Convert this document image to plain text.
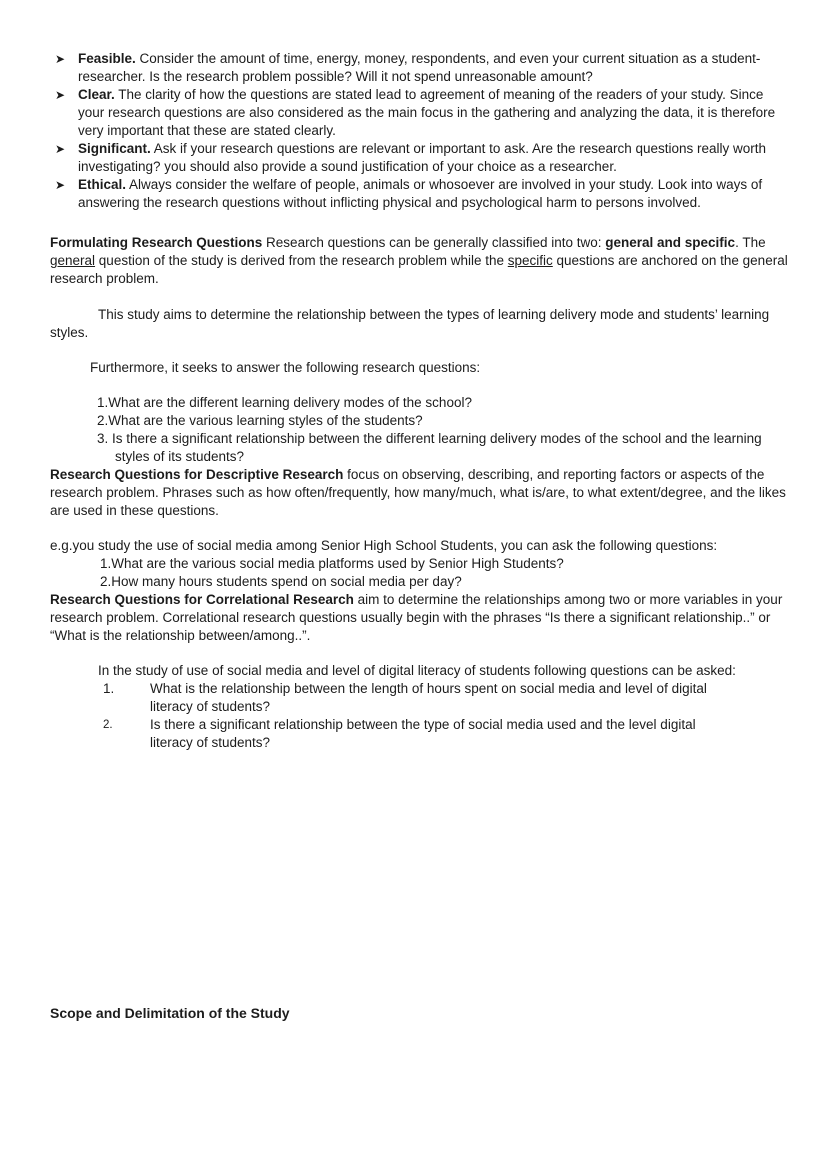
➤ Feasible. Consider the amount of time, energy, money, respondents, and even your current situation as a student-researcher. Is the research problem possible? Will it not spend unreasonable amount?
➤ Clear. The clarity of how the questions are stated lead to agreement of meaning of the readers of your study. Since your research questions are also considered as the main focus in the gathering and analyzing the data, it is therefore very important that these are stated clearly.
➤ Significant. Ask if your research questions are relevant or important to ask. Are the research questions really worth investigating? you should also provide a sound justification of your choice as a researcher.
➤ Ethical. Always consider the welfare of people, animals or whosoever are involved in your study. Look into ways of answering the research questions without inflicting physical and psychological harm to persons involved.

Formulating Research Questions Research questions can be generally classified into two: general and specific. The general question of the study is derived from the research problem while the specific questions are anchored on the general research problem.

This study aims to determine the relationship between the types of learning delivery mode and students’ learning styles.

Furthermore, it seeks to answer the following research questions:

1.What are the different learning delivery modes of the school?
2.What are the various learning styles of the students?
3. Is there a significant relationship between the different learning delivery modes of the school and the learning styles of its students?

Research Questions for Descriptive Research focus on observing, describing, and reporting factors or aspects of the research problem. Phrases such as how often/frequently, how many/much, what is/are, to what extent/degree, and the likes are used in these questions.

e.g.you study the use of social media among Senior High School Students, you can ask the following questions:

1.What are the various social media platforms used by Senior High Students?
2.How many hours students spend on social media per day?

Research Questions for Correlational Research aim to determine the relationships among two or more variables in your research problem. Correlational research questions usually begin with the phrases “Is there a significant relationship..” or “What is the relationship between/among..”.

In the study of use of social media and level of digital literacy of students following questions can be asked:

1.	What is the relationship between the length of hours spent on social media and level of digital literacy of students?
2.	Is there a significant relationship between the type of social media used and the level digital literacy of students?

Scope and Delimitation of the Study
